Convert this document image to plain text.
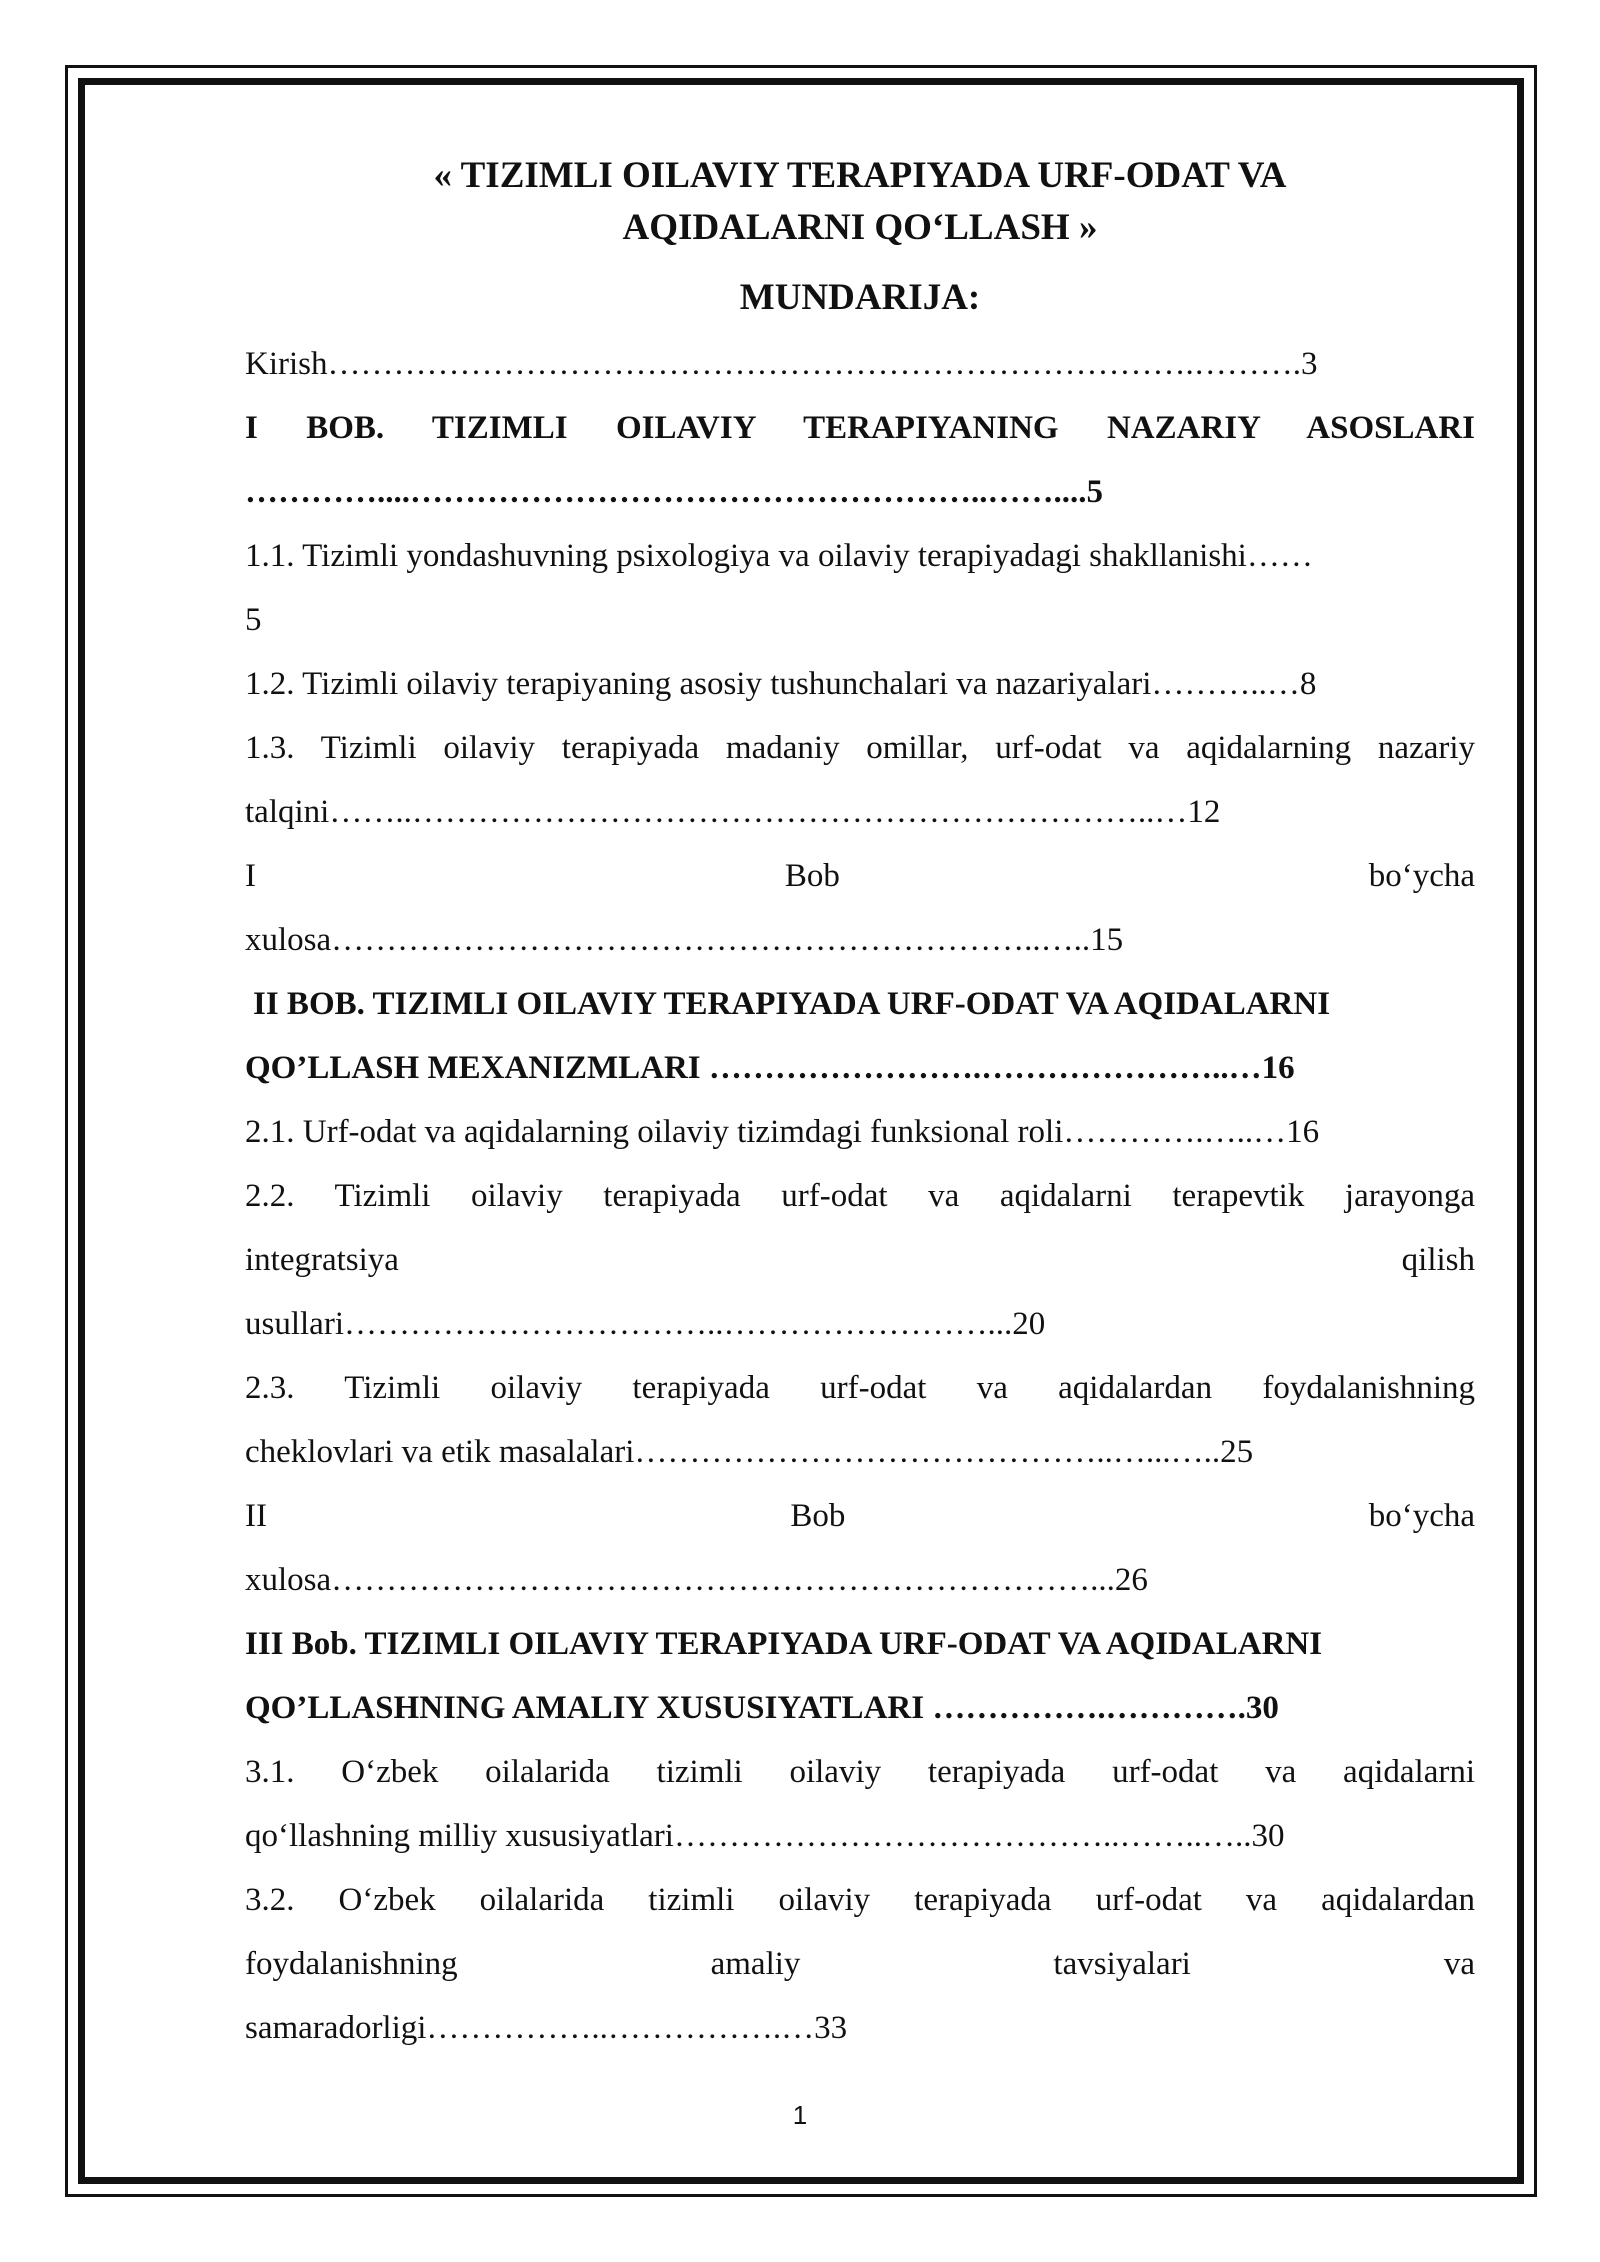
« TIZIMLI OILAVIY TERAPIYADA URF-ODAT VA

AQIDALARNI QO‘LLASH »

MUNDARIJA:

Kirish…………………………………………………………………….……….3
I BOB. TIZIMLI OILAVIY TERAPIYANING NAZARIY ASOSLARI
…………....……………………………………………..……....5
1.1. Tizimli yondashuvning psixologiya va oilaviy terapiyadagi shakllanishi……
5
1.2. Tizimli oilaviy terapiyaning asosiy tushunchalari va nazariyalari………..…8
1.3. Tizimli oilaviy terapiyada madaniy omillar, urf-odat va aqidalarning nazariy
talqini……..…………………………………………………………..…12
I Bob bo‘ycha
xulosa………………………………………………………..…..15
II BOB. TIZIMLI OILAVIY TERAPIYADA URF-ODAT VA AQIDALARNI
QO’LLASH MEXANIZMLARI …………………….…………………..…16
2.1. Urf-odat va aqidalarning oilaviy tizimdagi funksional roli………….…..…16
2.2. Tizimli oilaviy terapiyada urf-odat va aqidalarni terapevtik jarayonga
integratsiya qilish
usullari……………………………..……………………...20
2.3. Tizimli oilaviy terapiyada urf-odat va aqidalardan foydalanishning
cheklovlari va etik masalalari……………………………………..…...…..25
II Bob bo‘ycha
xulosa……………………………………………………………...26
III Bob. TIZIMLI OILAVIY TERAPIYADA URF-ODAT VA AQIDALARNI
QO’LLASHNING AMALIY XUSUSIYATLARI …………….………….30
3.1. O‘zbek oilalarida tizimli oilaviy terapiyada urf-odat va aqidalarni
qo‘llashning milliy xususiyatlari…………………………………..……..…..30
3.2. O‘zbek oilalarida tizimli oilaviy terapiyada urf-odat va aqidalardan
foydalanishning amaliy tavsiyalari va
samaradorligi……………..…………….…33
1
